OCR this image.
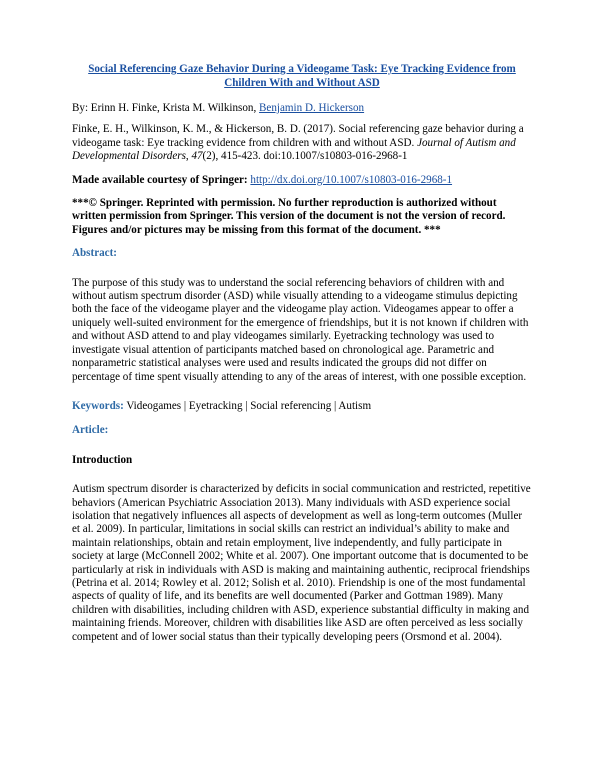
Social Referencing Gaze Behavior During a Videogame Task: Eye Tracking Evidence from Children With and Without ASD

By: Erinn H. Finke, Krista M. Wilkinson, Benjamin D. Hickerson

Finke, E. H., Wilkinson, K. M., & Hickerson, B. D. (2017). Social referencing gaze behavior during a videogame task: Eye tracking evidence from children with and without ASD. Journal of Autism and Developmental Disorders, 47(2), 415-423. doi:10.1007/s10803-016-2968-1

Made available courtesy of Springer: http://dx.doi.org/10.1007/s10803-016-2968-1

***© Springer. Reprinted with permission. No further reproduction is authorized without written permission from Springer. This version of the document is not the version of record. Figures and/or pictures may be missing from this format of the document. ***

Abstract:

The purpose of this study was to understand the social referencing behaviors of children with and without autism spectrum disorder (ASD) while visually attending to a videogame stimulus depicting both the face of the videogame player and the videogame play action. Videogames appear to offer a uniquely well-suited environment for the emergence of friendships, but it is not known if children with and without ASD attend to and play videogames similarly. Eyetracking technology was used to investigate visual attention of participants matched based on chronological age. Parametric and nonparametric statistical analyses were used and results indicated the groups did not differ on percentage of time spent visually attending to any of the areas of interest, with one possible exception.

Keywords: Videogames | Eyetracking | Social referencing | Autism

Article:

Introduction

Autism spectrum disorder is characterized by deficits in social communication and restricted, repetitive behaviors (American Psychiatric Association 2013). Many individuals with ASD experience social isolation that negatively influences all aspects of development as well as long-term outcomes (Muller et al. 2009). In particular, limitations in social skills can restrict an individual’s ability to make and maintain relationships, obtain and retain employment, live independently, and fully participate in society at large (McConnell 2002; White et al. 2007). One important outcome that is documented to be particularly at risk in individuals with ASD is making and maintaining authentic, reciprocal friendships (Petrina et al. 2014; Rowley et al. 2012; Solish et al. 2010). Friendship is one of the most fundamental aspects of quality of life, and its benefits are well documented (Parker and Gottman 1989). Many children with disabilities, including children with ASD, experience substantial difficulty in making and maintaining friends. Moreover, children with disabilities like ASD are often perceived as less socially competent and of lower social status than their typically developing peers (Orsmond et al. 2004).
